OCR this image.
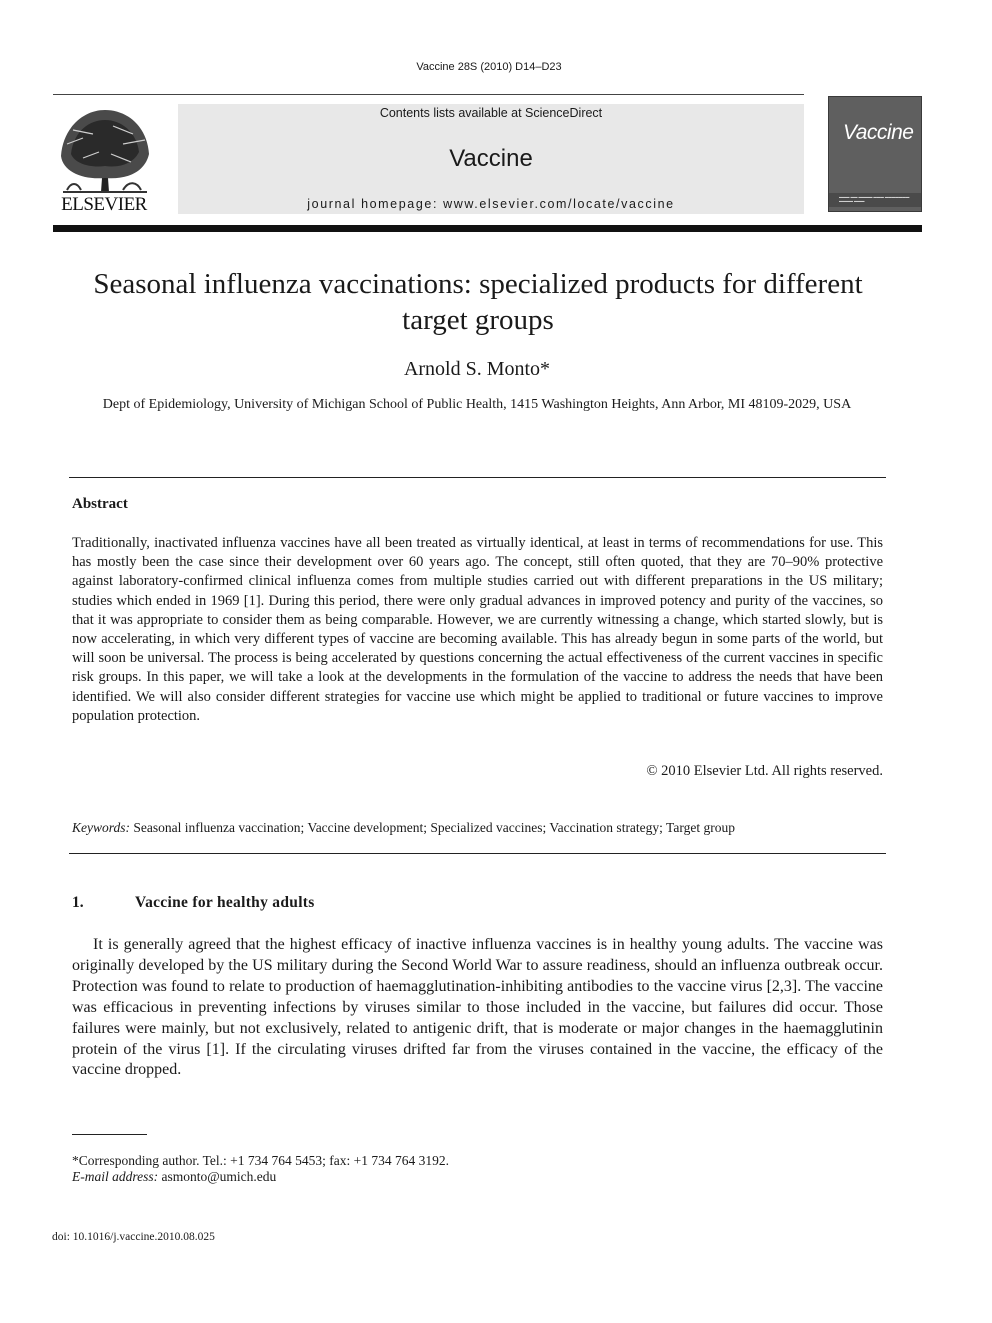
Vaccine 28S (2010) D14–D23
ELSEVIER
Contents lists available at ScienceDirect
Vaccine
journal homepage: www.elsevier.com/locate/vaccine
Vaccine
▬▬▬ ▬▬ ▬▬▬▬ ▬▬▬ ▬▬▬▬▬▬▬ ▬▬▬▬ ▬▬▬
Seasonal influenza vaccinations: specialized products for different target groups
Arnold S. Monto*
Dept of Epidemiology, University of Michigan School of Public Health, 1415 Washington Heights, Ann Arbor, MI 48109-2029, USA
Abstract
Traditionally, inactivated influenza vaccines have all been treated as virtually identical, at least in terms of recommendations for use. This has mostly been the case since their development over 60 years ago. The concept, still often quoted, that they are 70–90% protective against laboratory-confirmed clinical influenza comes from multiple studies carried out with different preparations in the US military; studies which ended in 1969 [1]. During this period, there were only gradual advances in improved potency and purity of the vaccines, so that it was appropriate to consider them as being comparable. However, we are currently witnessing a change, which started slowly, but is now accelerating, in which very different types of vaccine are becoming available. This has already begun in some parts of the world, but will soon be universal. The process is being accelerated by questions concerning the actual effectiveness of the current vaccines in specific risk groups. In this paper, we will take a look at the developments in the formulation of the vaccine to address the needs that have been identified. We will also consider different strategies for vaccine use which might be applied to traditional or future vaccines to improve population protection.
© 2010 Elsevier Ltd. All rights reserved.
Keywords: Seasonal influenza vaccination; Vaccine development; Specialized vaccines; Vaccination strategy; Target group
1.	Vaccine for healthy adults
It is generally agreed that the highest efficacy of inactive influenza vaccines is in healthy young adults. The vaccine was originally developed by the US military during the Second World War to assure readiness, should an influenza outbreak occur. Protection was found to relate to production of haemagglutination-inhibiting antibodies to the vaccine virus [2,3]. The vaccine was efficacious in preventing infections by viruses similar to those included in the vaccine, but failures did occur. Those failures were mainly, but not exclusively, related to antigenic drift, that is moderate or major changes in the haemagglutinin protein of the virus [1]. If the circulating viruses drifted far from the viruses contained in the vaccine, the efficacy of the vaccine dropped.
*Corresponding author. Tel.: +1 734 764 5453; fax: +1 734 764 3192.
E-mail address: asmonto@umich.edu
doi: 10.1016/j.vaccine.2010.08.025
